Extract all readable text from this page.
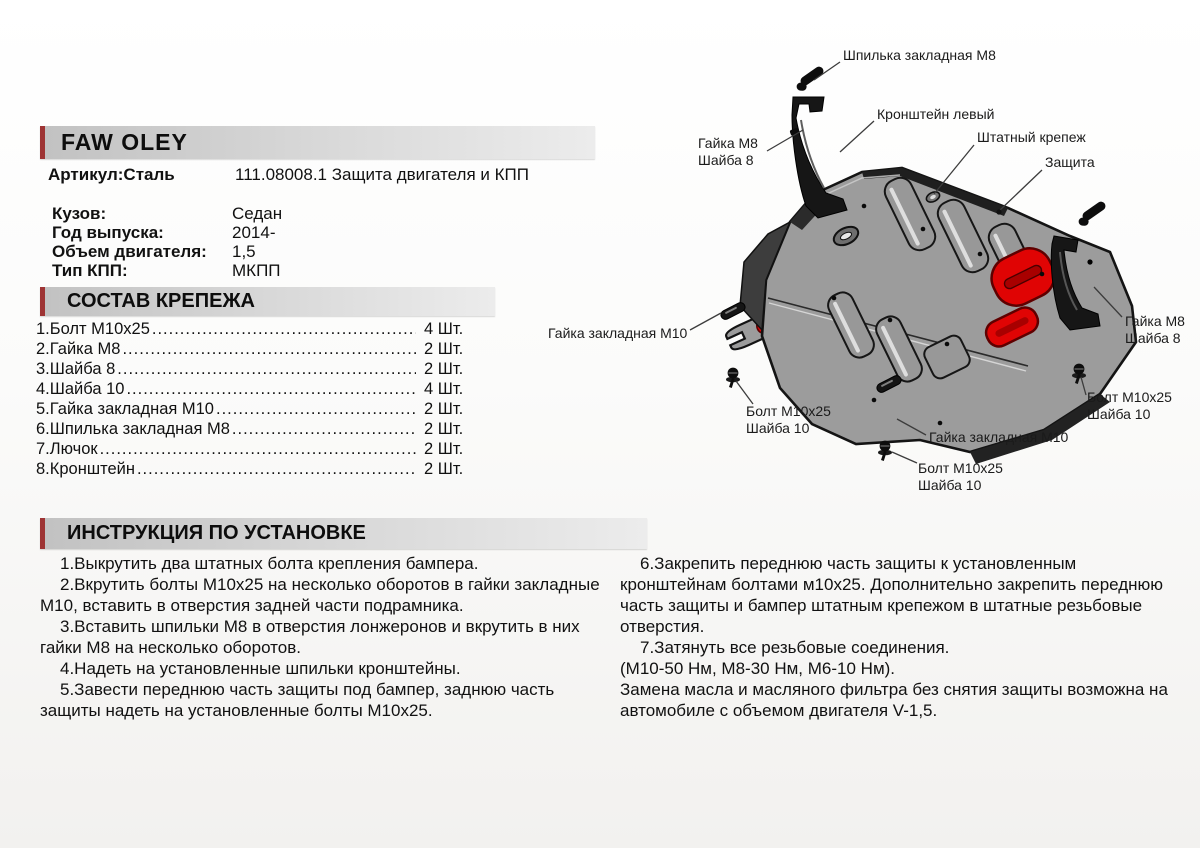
FAW OLEY
Артикул:Сталь	111.08008.1 Защита двигателя и КПП
Кузов:	Седан
Год выпуска:	2014-
Объем двигателя: 1,5
Тип КПП:	МКПП
СОСТАВ КРЕПЕЖА
1.Болт М10х25 .....	4 Шт.
2.Гайка М8 .....	2 Шт.
3.Шайба 8 .....	2 Шт.
4.Шайба 10 .....	4 Шт.
5.Гайка закладная М10 .....	2 Шт.
6.Шпилька закладная М8 .....	2 Шт.
7.Лючок .....	2 Шт.
8.Кронштейн .....	2 Шт.
ИНСТРУКЦИЯ ПО УСТАНОВКЕ

1.Выкрутить два штатных болта крепления бампера.

2.Вкрутить болты М10х25 на несколько оборотов в гайки закладные М10, вставить в отверстия задней части подрамника.

3.Вставить шпильки М8 в отверстия лонжеронов и вкрутить в них гайки М8 на несколько оборотов.

4.Надеть на установленные шпильки кронштейны.

5.Завести переднюю часть защиты под бампер, заднюю часть защиты надеть на установленные болты М10х25.

6.Закрепить переднюю часть защиты к установленным кронштейнам болтами м10х25. Дополнительно закрепить переднюю часть защиты и бампер штатным крепежом в штатные резьбовые отверстия.

7.Затянуть все резьбовые соединения.

(М10-50 Нм, М8-30 Нм, М6-10 Нм).

Замена масла и масляного фильтра без снятия защиты возможна на автомобиле с объемом двигателя V-1,5.

Шпилька закладная М8
Кронштейн левый
Штатный крепеж
Защита
Гайка М8
Шайба 8
Гайка закладная М10
Болт М10х25
Шайба 10
Гайка закладная М10
Болт М10х25
Шайба 10
Болт М10х25
Шайба 10
Гайка М8
Шайба 8
